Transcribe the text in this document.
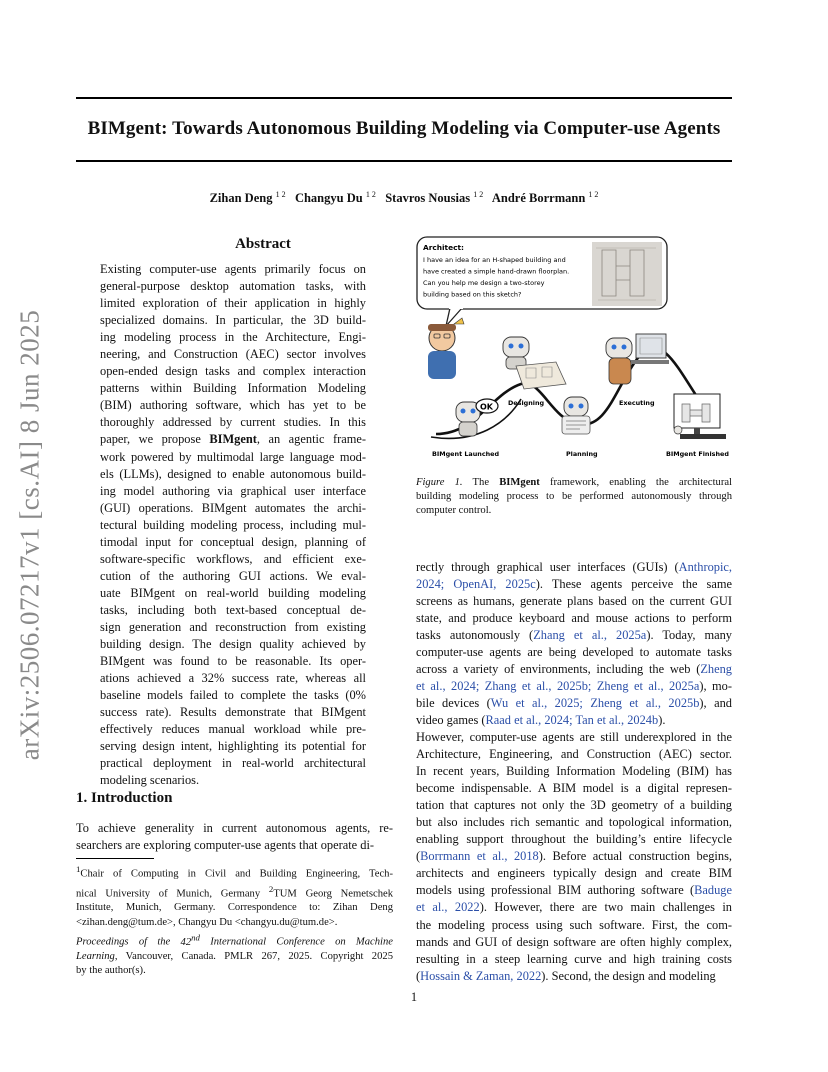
BIMgent: Towards Autonomous Building Modeling via Computer-use Agents
Zihan Deng $^{1 2}$ Changyu Du $^{1 2}$ Stavros Nousias $^{1 2}$ André Borrmann $^{1 2}$
arXiv:2506.07217v1 [cs.AI] 8 Jun 2025
Abstract
Existing computer-use agents primarily focus on
general-purpose desktop automation tasks, with
limited exploration of their application in highly
specialized domains. In particular, the 3D build-
ing modeling process in the Architecture, Engi-
neering, and Construction (AEC) sector involves
open-ended design tasks and complex interaction
patterns within Building Information Modeling
(BIM) authoring software, which has yet to be
thoroughly addressed by current studies. In this
paper, we propose BIMgent, an agentic frame-
work powered by multimodal large language mod-
els (LLMs), designed to enable autonomous build-
ing model authoring via graphical user interface
(GUI) operations. BIMgent automates the archi-
tectural building modeling process, including mul-
timodal input for conceptual design, planning of
software-specific workflows, and efficient exe-
cution of the authoring GUI actions. We eval-
uate BIMgent on real-world building modeling
tasks, including both text-based conceptual de-
sign generation and reconstruction from existing
building design. The design quality achieved by
BIMgent was found to be reasonable. Its oper-
ations achieved a 32% success rate, whereas all
baseline models failed to complete the tasks (0%
success rate). Results demonstrate that BIMgent
effectively reduces manual workload while pre-
serving design intent, highlighting its potential for
practical deployment in real-world architectural
modeling scenarios.
1. Introduction
To achieve generality in current autonomous agents, re-
searchers are exploring computer-use agents that operate di-
$^1$Chair of Computing in Civil and Building Engineering, Tech-
nical University of Munich, Germany $^2$TUM Georg Nemetschek
Institute, Munich, Germany. Correspondence to: Zihan Deng
<zihan.deng@tum.de>, Changyu Du <changyu.du@tum.de>.
Proceedings of the 42nd International Conference on Machine
Learning, Vancouver, Canada. PMLR 267, 2025. Copyright 2025
by the author(s).
Architect:
I have an idea for an H-shaped building and
have created a simple hand-drawn floorplan.
Can you help me design a two-storey
building based on this sketch?
OK
BIMgent Launched
Designing
Planning
Executing
BIMgent Finished
Figure 1. The BIMgent framework, enabling the architectural
building modeling process to be performed autonomously through
computer control.
rectly through graphical user interfaces (GUIs) (Anthropic,
2024; OpenAI, 2025c). These agents perceive the same
screens as humans, generate plans based on the current GUI
state, and produce keyboard and mouse actions to perform
tasks autonomously (Zhang et al., 2025a). Today, many
computer-use agents are being developed to automate tasks
across a variety of environments, including the web (Zheng
et al., 2024; Zhang et al., 2025b; Zheng et al., 2025a), mo-
bile devices (Wu et al., 2025; Zheng et al., 2025b), and
video games (Raad et al., 2024; Tan et al., 2024b).
However, computer-use agents are still underexplored in the
Architecture, Engineering, and Construction (AEC) sector.
In recent years, Building Information Modeling (BIM) has
become indispensable. A BIM model is a digital represen-
tation that captures not only the 3D geometry of a building
but also includes rich semantic and topological information,
enabling support throughout the building’s entire lifecycle
(Borrmann et al., 2018). Before actual construction begins,
architects and engineers typically design and create BIM
models using professional BIM authoring software (Baduge
et al., 2022). However, there are two main challenges in
the modeling process using such software. First, the com-
mands and GUI of design software are often highly complex,
resulting in a steep learning curve and high training costs
(Hossain & Zaman, 2022). Second, the design and modeling
1
